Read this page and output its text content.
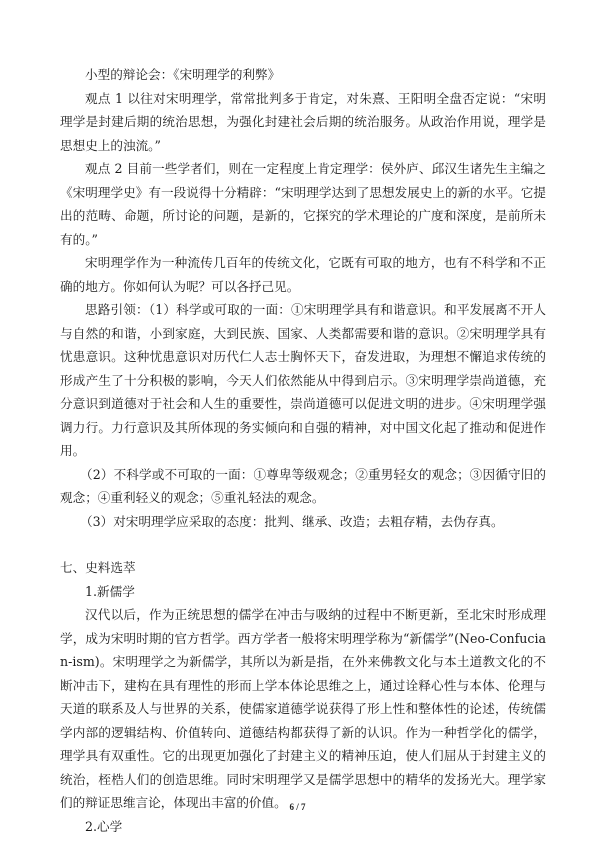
小型的辩论会：《宋明理学的利弊》

观点 1 以往对宋明理学，常常批判多于肯定，对朱熹、王阳明全盘否定说：“宋明理学是封建后期的统治思想，为强化封建社会后期的统治服务。从政治作用说，理学是思想史上的浊流。”

观点 2 目前一些学者们，则在一定程度上肯定理学：侯外庐、邱汉生诸先生主编之《宋明理学史》有一段说得十分精辟：“宋明理学达到了思想发展史上的新的水平。它提出的范畴、命题，所讨论的问题，是新的，它探究的学术理论的广度和深度，是前所未有的。”

宋明理学作为一种流传几百年的传统文化，它既有可取的地方，也有不科学和不正确的地方。你如何认为呢？可以各抒己见。

思路引领：（1）科学或可取的一面：①宋明理学具有和谐意识。和平发展离不开人与自然的和谐，小到家庭，大到民族、国家、人类都需要和谐的意识。②宋明理学具有忧患意识。这种忧患意识对历代仁人志士胸怀天下，奋发进取，为理想不懈追求传统的形成产生了十分积极的影响，今天人们依然能从中得到启示。③宋明理学崇尚道德，充分意识到道德对于社会和人生的重要性，崇尚道德可以促进文明的进步。④宋明理学强调力行。力行意识及其所体现的务实倾向和自强的精神，对中国文化起了推动和促进作用。

（2）不科学或不可取的一面：①尊卑等级观念；②重男轻女的观念；③因循守旧的观念；④重利轻义的观念；⑤重礼轻法的观念。

（3）对宋明理学应采取的态度：批判、继承、改造；去粗存精，去伪存真。

七、史料选萃

1.新儒学

汉代以后，作为正统思想的儒学在冲击与吸纳的过程中不断更新，至北宋时形成理学，成为宋明时期的官方哲学。西方学者一般将宋明理学称为“新儒学”(Neo-Confucian-ism)。宋明理学之为新儒学，其所以为新是指，在外来佛教文化与本土道教文化的不断冲击下，建构在具有理性的形而上学本体论思维之上，通过诠释心性与本体、伦理与天道的联系及人与世界的关系，使儒家道德学说获得了形上性和整体性的论述，传统儒学内部的逻辑结构、价值转向、道德结构都获得了新的认识。作为一种哲学化的儒学，理学具有双重性。它的出现更加强化了封建主义的精神压迫，使人们屈从于封建主义的统治，桎梏人们的创造思维。同时宋明理学又是儒学思想中的精华的发扬光大。理学家们的辩证思维言论，体现出丰富的价值。

2.心学

6 / 7
